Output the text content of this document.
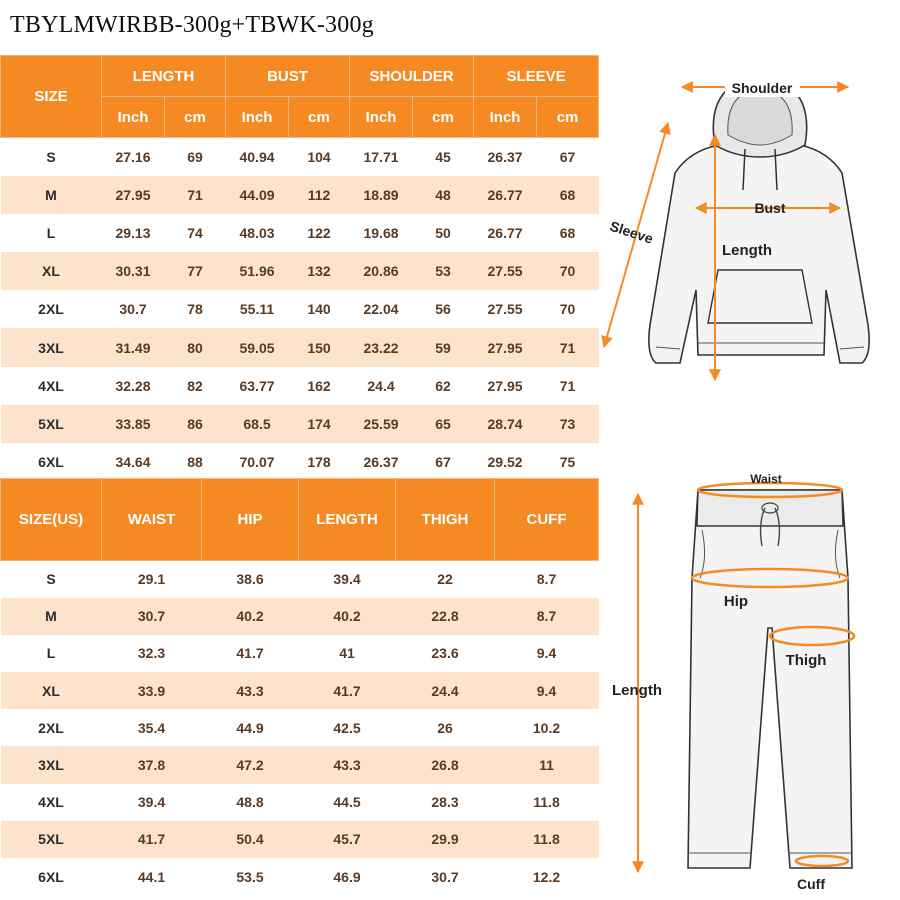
TBYLMWIRBB-300g+TBWK-300g
SIZE	LENGTH		BUST		SHOULDER		SLEEVE	
	Inch	cm	Inch	cm	Inch	cm	Inch	cm
S	27.16	69	40.94	104	17.71	45	26.37	67
M	27.95	71	44.09	112	18.89	48	26.77	68
L	29.13	74	48.03	122	19.68	50	26.77	68
XL	30.31	77	51.96	132	20.86	53	27.55	70
2XL	30.7	78	55.11	140	22.04	56	27.55	70
3XL	31.49	80	59.05	150	23.22	59	27.95	71
4XL	32.28	82	63.77	162	24.4	62	27.95	71
5XL	33.85	86	68.5	174	25.59	65	28.74	73
6XL	34.64	88	70.07	178	26.37	67	29.52	75
SIZE(US)	WAIST	HIP	LENGTH	THIGH	CUFF
S	29.1	38.6	39.4	22	8.7
M	30.7	40.2	40.2	22.8	8.7
L	32.3	41.7	41	23.6	9.4
XL	33.9	43.3	41.7	24.4	9.4
2XL	35.4	44.9	42.5	26	10.2
3XL	37.8	47.2	43.3	26.8	11
4XL	39.4	48.8	44.5	28.3	11.8
5XL	41.7	50.4	45.7	29.9	11.8
6XL	44.1	53.5	46.9	30.7	12.2
Shoulder
Bust
Length
Sleeve
Waist
Hip
Thigh
Length
Cuff
